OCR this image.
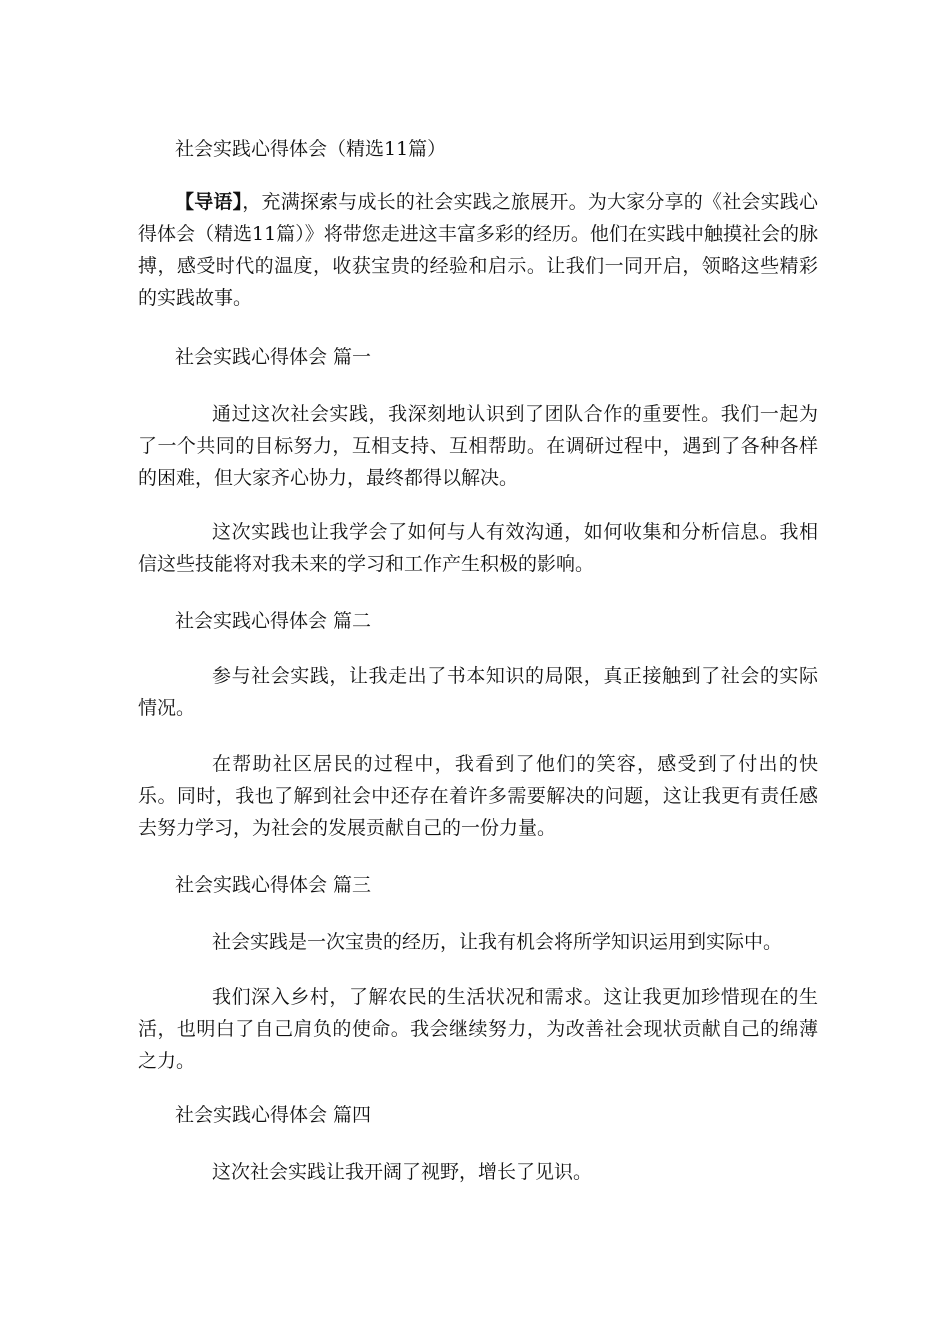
社会实践心得体会（精选11篇）
【导语】，充满探索与成长的社会实践之旅展开。为大家分享的《社会实践心得体会（精选11篇）》将带您走进这丰富多彩的经历。他们在实践中触摸社会的脉搏，感受时代的温度，收获宝贵的经验和启示。让我们一同开启，领略这些精彩的实践故事。
社会实践心得体会 篇一
通过这次社会实践，我深刻地认识到了团队合作的重要性。我们一起为了一个共同的目标努力，互相支持、互相帮助。在调研过程中，遇到了各种各样的困难，但大家齐心协力，最终都得以解决。
这次实践也让我学会了如何与人有效沟通，如何收集和分析信息。我相信这些技能将对我未来的学习和工作产生积极的影响。
社会实践心得体会 篇二
参与社会实践，让我走出了书本知识的局限，真正接触到了社会的实际情况。
在帮助社区居民的过程中，我看到了他们的笑容，感受到了付出的快乐。同时，我也了解到社会中还存在着许多需要解决的问题，这让我更有责任感去努力学习，为社会的发展贡献自己的一份力量。
社会实践心得体会 篇三
社会实践是一次宝贵的经历，让我有机会将所学知识运用到实际中。
我们深入乡村，了解农民的生活状况和需求。这让我更加珍惜现在的生活，也明白了自己肩负的使命。我会继续努力，为改善社会现状贡献自己的绵薄之力。
社会实践心得体会 篇四
这次社会实践让我开阔了视野，增长了见识。
